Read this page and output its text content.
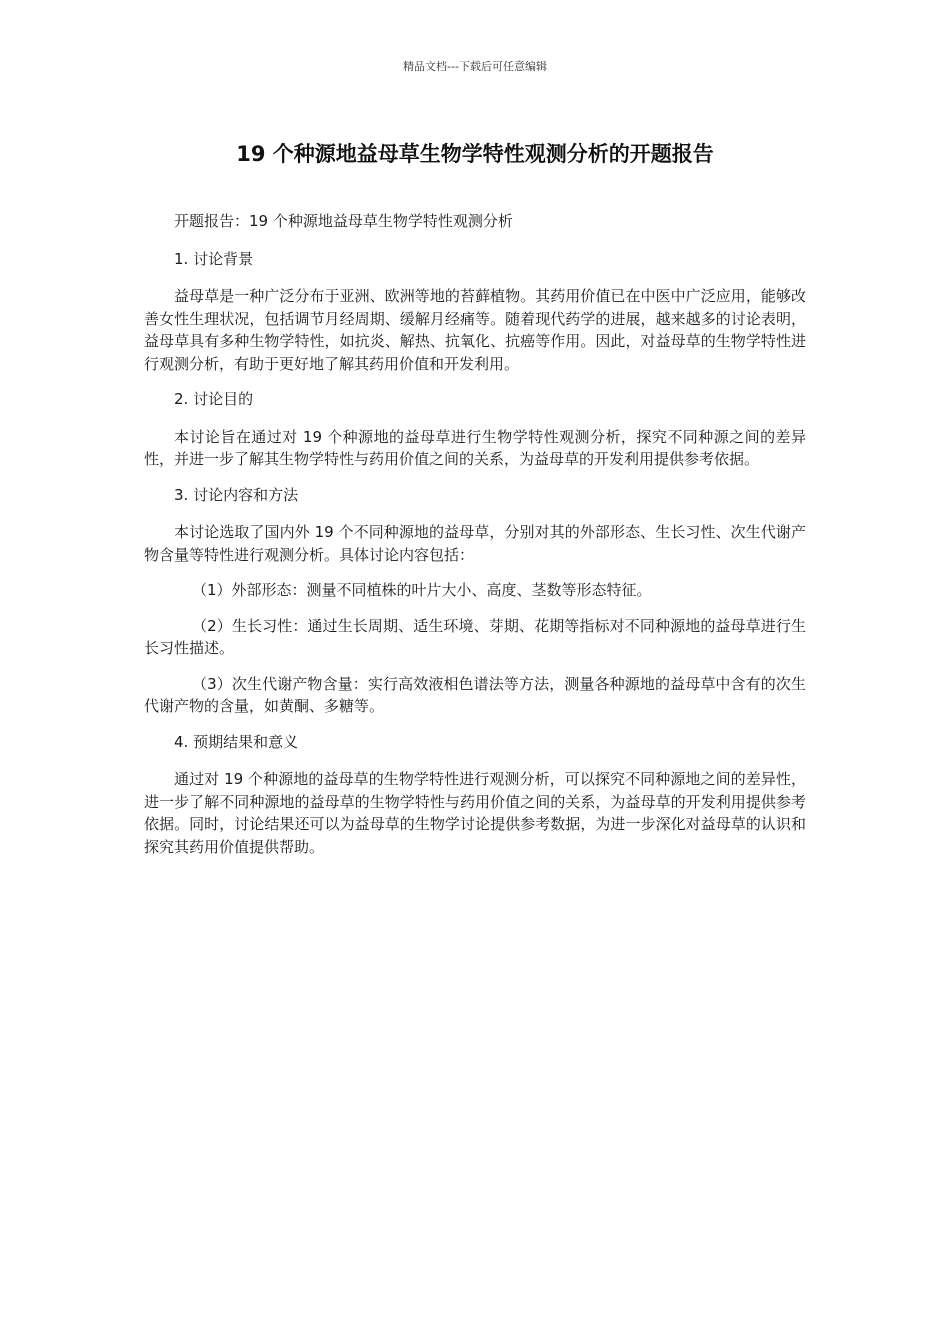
精品文档---下载后可任意编辑
19 个种源地益母草生物学特性观测分析的开题报告

开题报告：19 个种源地益母草生物学特性观测分析

1. 讨论背景

益母草是一种广泛分布于亚洲、欧洲等地的苔藓植物。其药用价值已在中医中广泛应用，能够改善女性生理状况，包括调节月经周期、缓解月经痛等。随着现代药学的进展，越来越多的讨论表明，益母草具有多种生物学特性，如抗炎、解热、抗氧化、抗癌等作用。因此，对益母草的生物学特性进行观测分析，有助于更好地了解其药用价值和开发利用。

2. 讨论目的

本讨论旨在通过对 19 个种源地的益母草进行生物学特性观测分析，探究不同种源之间的差异性，并进一步了解其生物学特性与药用价值之间的关系，为益母草的开发利用提供参考依据。

3. 讨论内容和方法

本讨论选取了国内外 19 个不同种源地的益母草，分别对其的外部形态、生长习性、次生代谢产物含量等特性进行观测分析。具体讨论内容包括：

（1）外部形态：测量不同植株的叶片大小、高度、茎数等形态特征。

（2）生长习性：通过生长周期、适生环境、芽期、花期等指标对不同种源地的益母草进行生长习性描述。

（3）次生代谢产物含量：实行高效液相色谱法等方法，测量各种源地的益母草中含有的次生代谢产物的含量，如黄酮、多糖等。

4. 预期结果和意义

通过对 19 个种源地的益母草的生物学特性进行观测分析，可以探究不同种源地之间的差异性，进一步了解不同种源地的益母草的生物学特性与药用价值之间的关系，为益母草的开发利用提供参考依据。同时，讨论结果还可以为益母草的生物学讨论提供参考数据，为进一步深化对益母草的认识和探究其药用价值提供帮助。
